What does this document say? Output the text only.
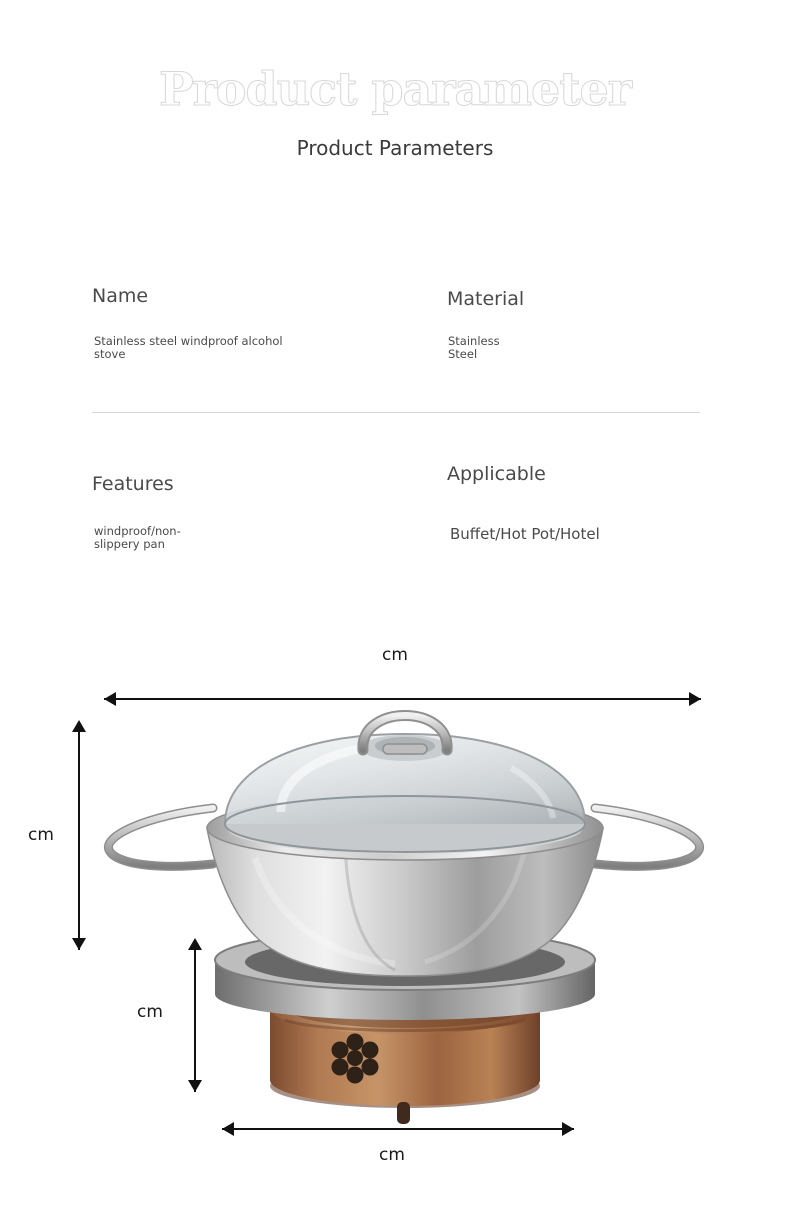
Product parameter
Product Parameters
Name
Stainless steel windproof alcohol stove
Material
Stainless Steel
Features
windproof/non-slippery pan
Applicable
Buffet/Hot Pot/Hotel
cm
cm
cm
cm
